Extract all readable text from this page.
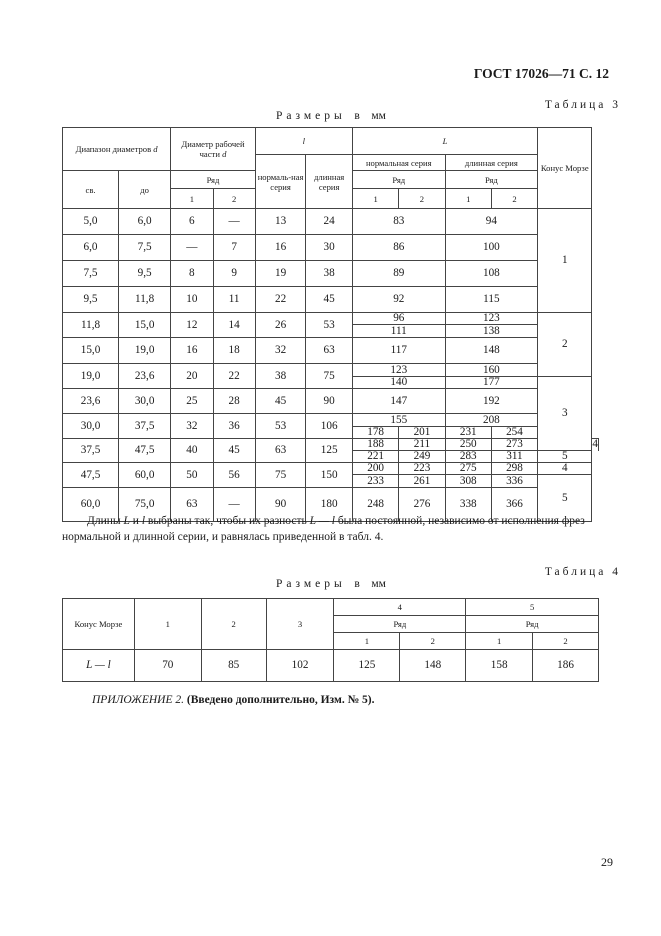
ГОСТ 17026—71 С. 12
Таблица 3
Размеры в мм
Диапазон диаметров d		Диаметр рабочей части d		l		L				Конус Морзе	
				нормаль-ная серия	длинная серия	нормальная серия		длинная серия			
св.	до	Ряд				Ряд		Ряд			
		1	2			1	2	1	2		
5,0	6,0	6	—	13	24	83		94		1	
6,0	7,5	—	7	16	30	86		100			
7,5	9,5	8	9	19	38	89		108			
9,5	11,8	10	11	22	45	92		115			
11,8	15,0	12	14	26	53	96		123		2	
						111		138			
15,0	19,0	16	18	32	63	117		148			
19,0	23,6	20	22	38	75	123		160			
						140		177		3	
23,6	30,0	25	28	45	90	147		192			
30,0	37,5	32	36	53	106	155		208			
						178	201	231	254		
37,5	47,5	40	45	63	125	188	211	250	273		4
						221	249	283	311	5	
47,5	60,0	50	56	75	150	200	223	275	298	4	
						233	261	308	336	5	
60,0	75,0	63	—	90	180	248	276	338	366		
Длины L и l выбраны так, чтобы их разность L — l была постоянной, независимо от исполнения фрез нормальной и длинной серии, и равнялась приведенной в табл. 4.
Таблица 4
Размеры в мм
Конус Морзе	1	2	3	4		5	
				Ряд		Ряд	
				1	2	1	2
L — l	70	85	102	125	148	158	186
ПРИЛОЖЕНИЕ 2. (Введено дополнительно, Изм. № 5).
29
